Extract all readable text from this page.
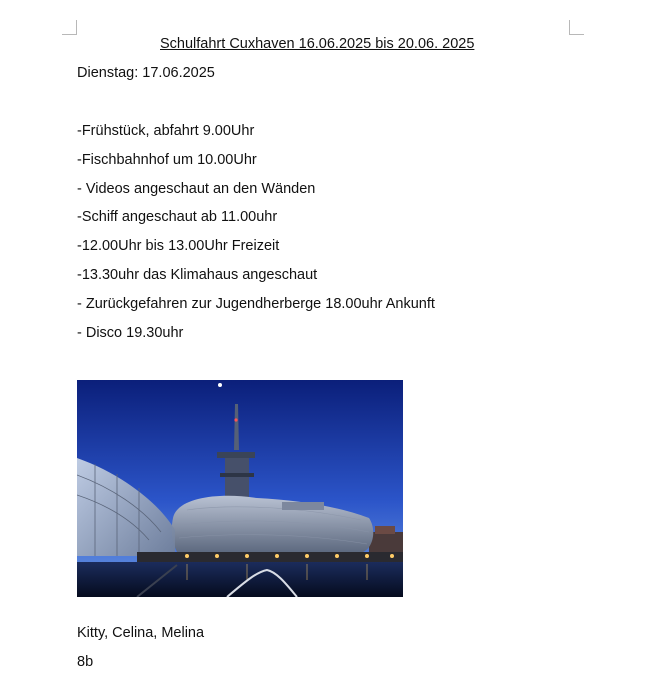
Schulfahrt Cuxhaven 16.06.2025 bis 20.06. 2025
Dienstag: 17.06.2025
-Frühstück, abfahrt 9.00Uhr
-Fischbahnhof um 10.00Uhr
- Videos angeschaut an den Wänden
-Schiff angeschaut ab 11.00uhr
-12.00Uhr bis 13.00Uhr Freizeit
-13.30uhr das Klimahaus angeschaut
- Zurückgefahren zur Jugendherberge 18.00uhr Ankunft
- Disco 19.30uhr
Kitty, Celina, Melina
8b
